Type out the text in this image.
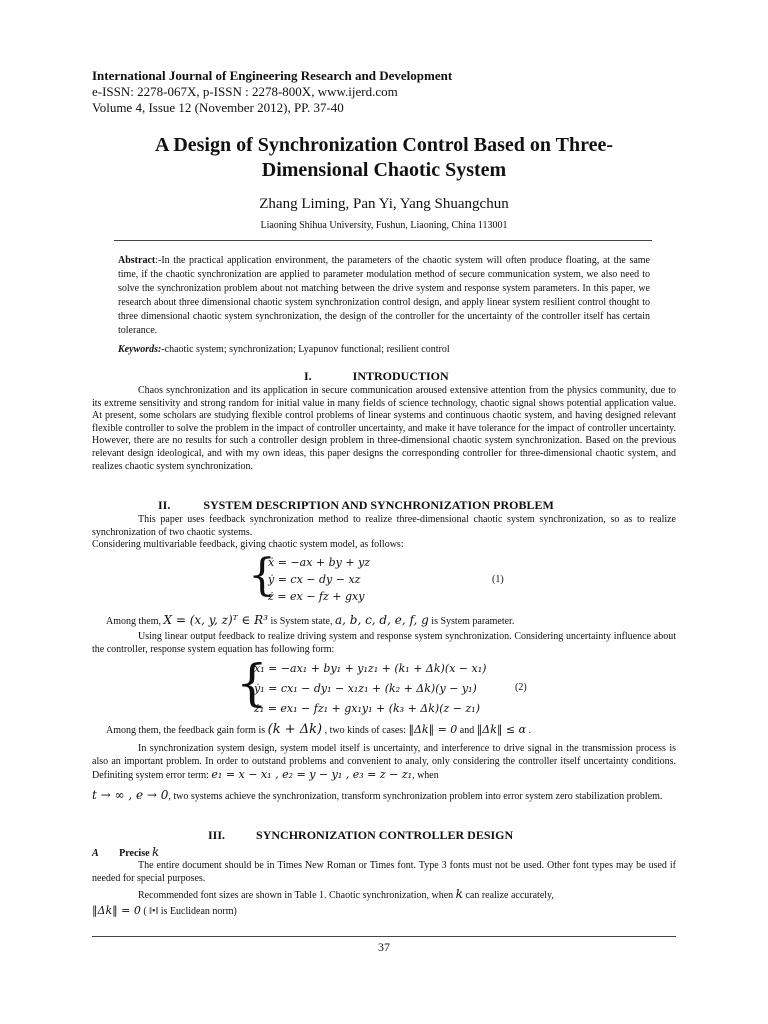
International Journal of Engineering Research and Development
e-ISSN: 2278-067X, p-ISSN : 2278-800X, www.ijerd.com
Volume 4, Issue 12 (November 2012), PP. 37-40
A Design of Synchronization Control Based on Three-
Dimensional Chaotic System
Zhang Liming, Pan Yi, Yang Shuangchun
Liaoning Shihua University, Fushun, Liaoning, China 113001
Abstract:-In the practical application environment, the parameters of the chaotic system will often produce floating, at the same time, if the chaotic synchronization are applied to parameter modulation method of secure communication system, we also need to solve the synchronization problem about not matching between the drive system and response system parameters. In this paper, we research about three dimensional chaotic system synchronization control design, and apply linear system resilient control thought to three dimensional chaotic system synchronization, the design of the controller for the uncertainty of the controller itself has certain tolerance.
Keywords:-chaotic system; synchronization; Lyapunov functional; resilient control
I.	INTRODUCTION
Chaos synchronization and its application in secure communication aroused extensive attention from the physics community, due to its extreme sensitivity and strong random for initial value in many fields of science technology, chaotic signal shows potential application value. At present, some scholars are studying flexible control problems of linear systems and continuous chaotic system, and having designed relevant flexible controller to solve the problem in the impact of controller uncertainty, and make it have tolerance for the impact of controller uncertainty. However, there are no results for such a controller design problem in three-dimensional chaotic system synchronization. Based on the previous relevant design ideological, and with my own ideas, this paper designs the corresponding controller for three-dimensional chaotic system, and realizes chaotic system synchronization.
II.	SYSTEM DESCRIPTION AND SYNCHRONIZATION PROBLEM
This paper uses feedback synchronization method to realize three-dimensional chaotic system synchronization, so as to realize synchronization of two chaotic systems.
Considering multivariable feedback, giving chaotic system model, as follows:
{
ẋ = −ax + by + yz
ẏ = cx − dy − xz
ż = ex − fz + gxy
(1)
Among them, X = (x, y, z)ᵀ ∈ R³ is System state, a, b, c, d, e, f, g is System parameter.
Using linear output feedback to realize driving system and response system synchronization. Considering uncertainty influence about the controller, response system equation has following form:
{
ẋ₁ = −ax₁ + by₁ + y₁z₁ + (k₁ + Δk)(x − x₁)
ẏ₁ = cx₁ − dy₁ − x₁z₁ + (k₂ + Δk)(y − y₁)
ż₁ = ex₁ − fz₁ + gx₁y₁ + (k₃ + Δk)(z − z₁)
(2)
Among them, the feedback gain form is (k + Δk) , two kinds of cases: ‖Δk‖ = 0 and ‖Δk‖ ≤ α .
In synchronization system design, system model itself is uncertainty, and interference to drive signal in the transmission process is also an important problem. In order to outstand problems and convenient to analy, only considering the controller itself uncertainty conditions. Definiting system error term: e₁ = x − x₁ , e₂ = y − y₁ , e₃ = z − z₁, when
t → ∞ , e → 0, two systems achieve the synchronization, transform synchronization problem into error system zero stabilization problem.
III.	SYNCHRONIZATION CONTROLLER DESIGN
A Precise k
The entire document should be in Times New Roman or Times font. Type 3 fonts must not be used. Other font types may be used if needed for special purposes.
Recommended font sizes are shown in Table 1. Chaotic synchronization, when k can realize accurately,
‖Δk‖ = 0 ( ‖•‖ is Euclidean norm)
37
